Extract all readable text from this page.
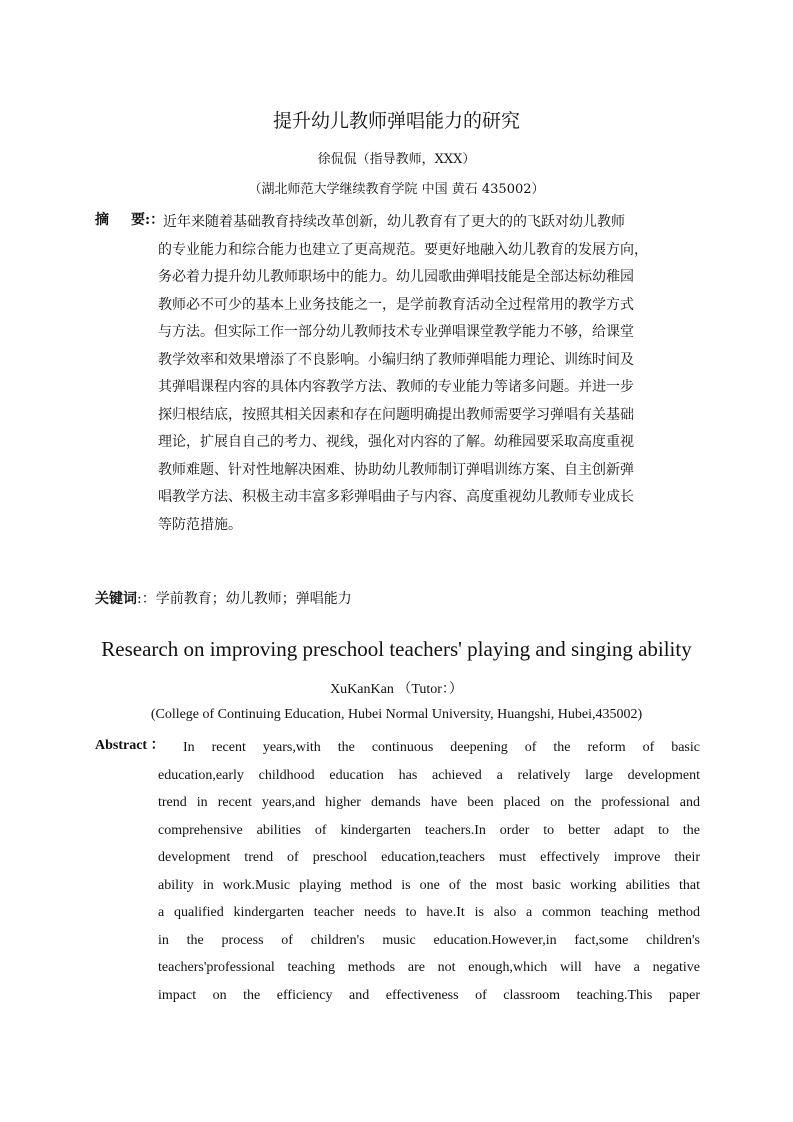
提升幼儿教师弹唱能力的研究
徐侃侃（指导教师，XXX）
（湖北师范大学继续教育学院 中国 黄石 435002）
摘 要:：
近年来随着基础教育持续改革创新，幼儿教育有了更大的的飞跃对幼儿教师
的专业能力和综合能力也建立了更高规范。要更好地融入幼儿教育的发展方向，
务必着力提升幼儿教师职场中的能力。幼儿园歌曲弹唱技能是全部达标幼稚园
教师必不可少的基本上业务技能之一，是学前教育活动全过程常用的教学方式
与方法。但实际工作一部分幼儿教师技术专业弹唱课堂教学能力不够，给课堂
教学效率和效果增添了不良影响。小编归纳了教师弹唱能力理论、训练时间及
其弹唱课程内容的具体内容教学方法、教师的专业能力等诸多问题。并进一步
探归根结底，按照其相关因素和存在问题明确提出教师需要学习弹唱有关基础
理论，扩展自自己的考力、视线，强化对内容的了解。幼稚园要采取高度重视
教师难题、针对性地解决困难、协助幼儿教师制订弹唱训练方案、自主创新弹
唱教学方法、积极主动丰富多彩弹唱曲子与内容、高度重视幼儿教师专业成长
等防范措施。
关键词:：学前教育；幼儿教师；弹唱能力
Research on improving preschool teachers' playing and singing ability
XuKanKan （Tutor：）
(College of Continuing Education, Hubei Normal University, Huangshi, Hubei,435002)
Abstract ：	In recent years,with the continuous deepening of the reform of basic
education,early childhood education has achieved a relatively large development
trend in recent years,and higher demands have been placed on the professional and
comprehensive abilities of kindergarten teachers.In order to better adapt to the
development trend of preschool education,teachers must effectively improve their
ability in work.Music playing method is one of the most basic working abilities that
a qualified kindergarten teacher needs to have.It is also a common teaching method
in the process of children's music education.However,in fact,some children's
teachers'professional teaching methods are not enough,which will have a negative
impact on the efficiency and effectiveness of classroom teaching.This paper
